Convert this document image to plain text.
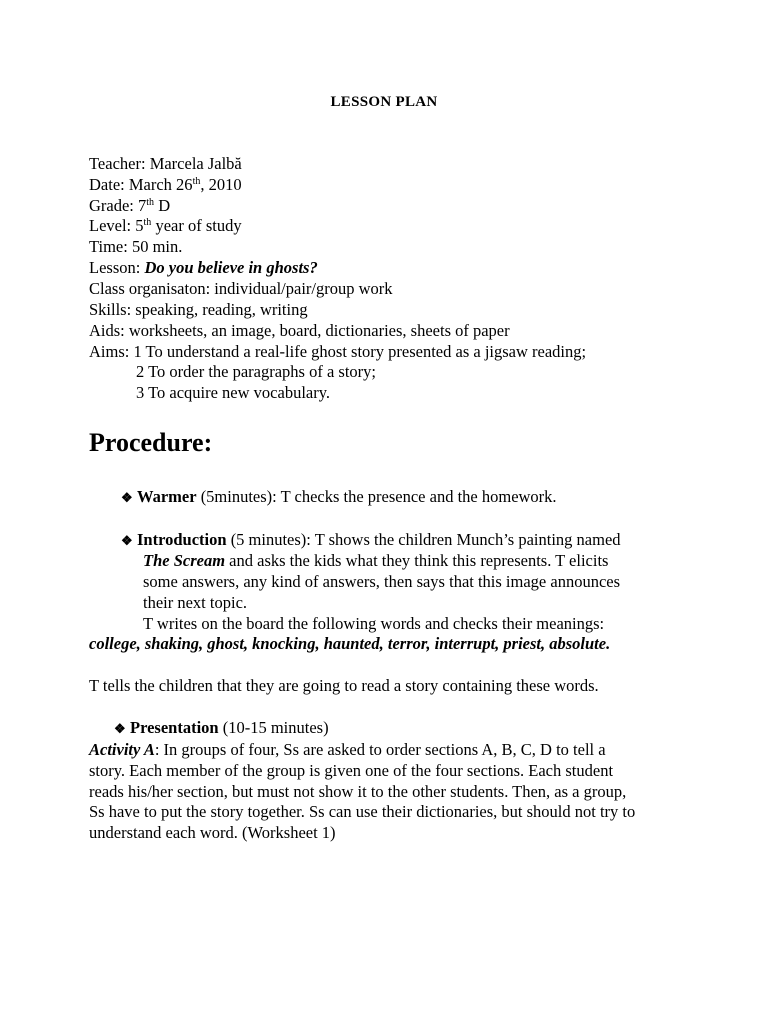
LESSON PLAN
Teacher: Marcela Jalbă
Date: March 26th, 2010
Grade: 7th D
Level: 5th year of study
Time: 50 min.
Lesson: Do you believe in ghosts?
Class organisaton: individual/pair/group work
Skills: speaking, reading, writing
Aids: worksheets, an image, board, dictionaries, sheets of paper
Aims: 1 To understand a real-life ghost story presented as a jigsaw reading;
2 To order the paragraphs of a story;
3 To acquire new vocabulary.
Procedure:
❖ Warmer (5minutes): T checks the presence and the homework.
❖ Introduction (5 minutes): T shows the children Munch’s painting named
The Scream and asks the kids what they think this represents. T elicits
some answers, any kind of answers, then says that this image announces
their next topic.
T writes on the board the following words and checks their meanings:
college, shaking, ghost, knocking, haunted, terror, interrupt, priest, absolute.
T tells the children that they are going to read a story containing these words.
❖ Presentation (10-15 minutes)
Activity A: In groups of four, Ss are asked to order sections A, B, C, D to tell a
story. Each member of the group is given one of the four sections. Each student
reads his/her section, but must not show it to the other students. Then, as a group,
Ss have to put the story together. Ss can use their dictionaries, but should not try to
understand each word. (Worksheet 1)
